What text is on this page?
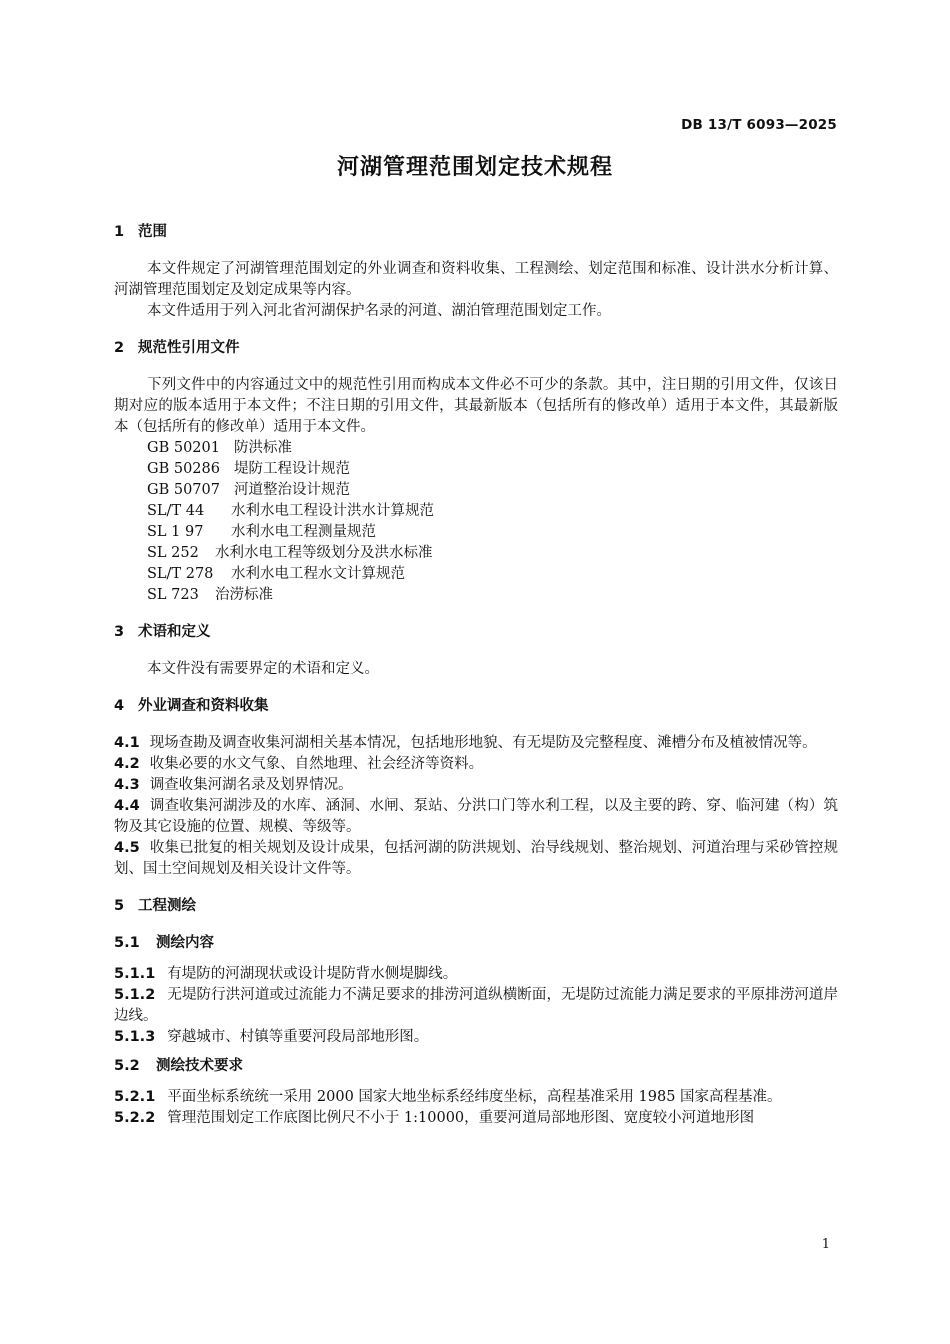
DB 13/T 6093—2025
河湖管理范围划定技术规程
1 范围

本文件规定了河湖管理范围划定的外业调查和资料收集、工程测绘、划定范围和标准、设计洪水分析计算、河湖管理范围划定及划定成果等内容。

本文件适用于列入河北省河湖保护名录的河道、湖泊管理范围划定工作。

2 规范性引用文件

下列文件中的内容通过文中的规范性引用而构成本文件必不可少的条款。其中，注日期的引用文件，仅该日期对应的版本适用于本文件；不注日期的引用文件，其最新版本（包括所有的修改单）适用于本文件，其最新版本（包括所有的修改单）适用于本文件。

GB 50201 防洪标准
GB 50286 堤防工程设计规范
GB 50707 河道整治设计规范
SL/T 44 水利水电工程设计洪水计算规范
SL 1 97 水利水电工程测量规范
SL 252 水利水电工程等级划分及洪水标准
SL/T 278 水利水电工程水文计算规范
SL 723 治涝标准
3 术语和定义

本文件没有需要界定的术语和定义。

4 外业调查和资料收集

4.1 现场查勘及调查收集河湖相关基本情况，包括地形地貌、有无堤防及完整程度、滩槽分布及植被情况等。

4.2 收集必要的水文气象、自然地理、社会经济等资料。

4.3 调查收集河湖名录及划界情况。

4.4 调查收集河湖涉及的水库、涵洞、水闸、泵站、分洪口门等水利工程，以及主要的跨、穿、临河建（构）筑物及其它设施的位置、规模、等级等。

4.5 收集已批复的相关规划及设计成果，包括河湖的防洪规划、治导线规划、整治规划、河道治理与采砂管控规划、国土空间规划及相关设计文件等。

5 工程测绘
5.1 测绘内容

5.1.1 有堤防的河湖现状或设计堤防背水侧堤脚线。

5.1.2 无堤防行洪河道或过流能力不满足要求的排涝河道纵横断面，无堤防过流能力满足要求的平原排涝河道岸边线。

5.1.3 穿越城市、村镇等重要河段局部地形图。

5.2 测绘技术要求

5.2.1 平面坐标系统统一采用 2000 国家大地坐标系经纬度坐标，高程基准采用 1985 国家高程基准。

5.2.2 管理范围划定工作底图比例尺不小于 1:10000，重要河道局部地形图、宽度较小河道地形图

1
